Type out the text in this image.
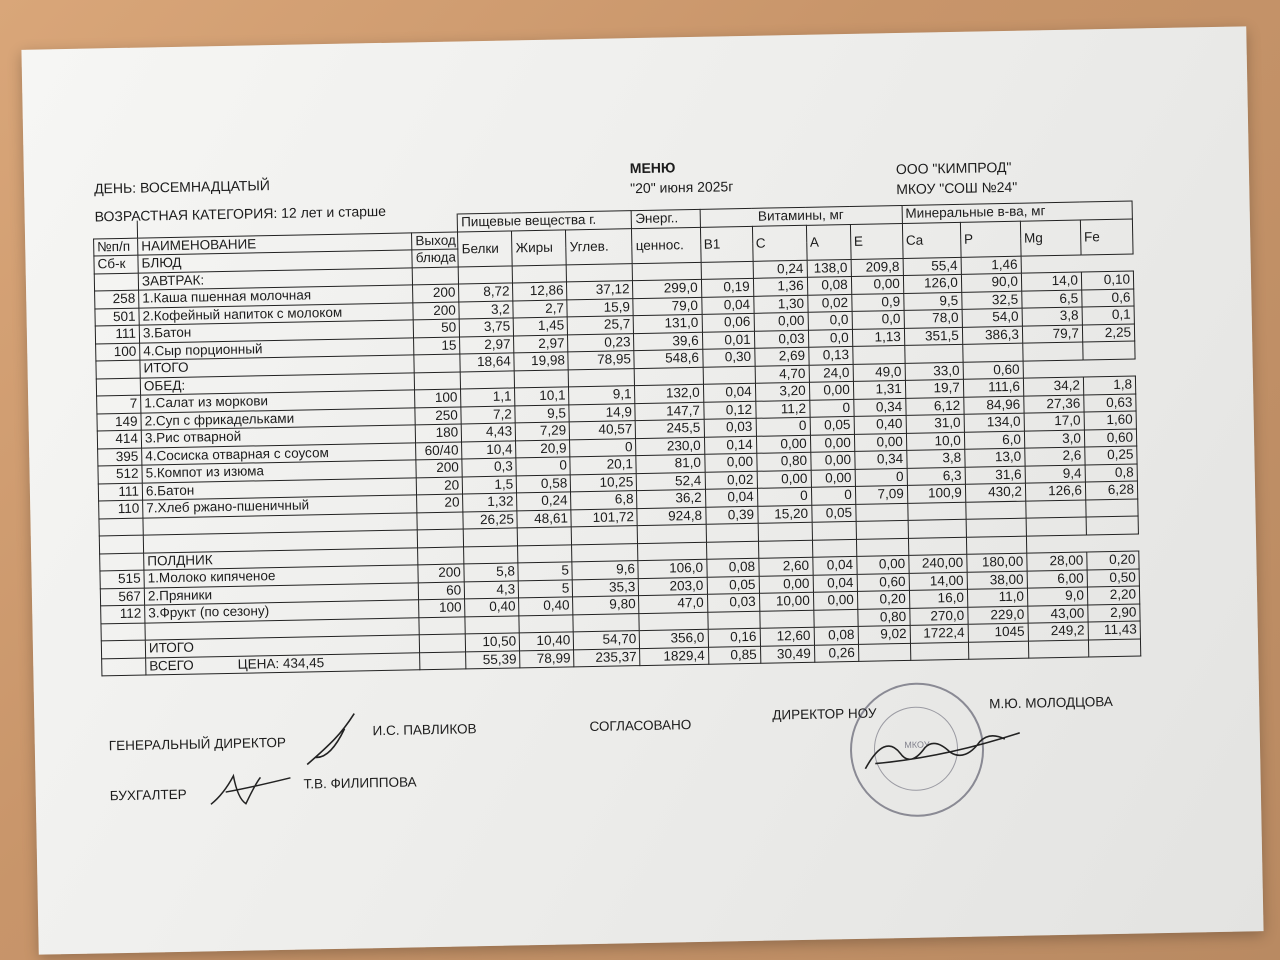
ДЕНЬ: ВОСЕМНАДЦАТЫЙ
МЕНЮ
"20" июня 2025г
ООО "КИМПРОД"
МКОУ "СОШ №24"
ВОЗРАСТНАЯ КАТЕГОРИЯ: 12 лет и старше
				Пищевые вещества г.			Энерг..	Витамины, мг				Минеральные в-ва, мг			
№п/п	НАИМЕНОВАНИЕ	Выход	Белки	Жиры	Углев.	ценнос.	B1	C	A	E	Ca	P	Mg	Fe
Сб-к	БЛЮД	блюда												
	ЗАВТРАК:							0,24	138,0	209,8	55,4	1,46		
258	1.Каша пшенная молочная	200	8,72	12,86	37,12	299,0	0,19	1,36	0,08	0,00	126,0	90,0	14,0	0,10
501	2.Кофейный напиток с молоком	200	3,2	2,7	15,9	79,0	0,04	1,30	0,02	0,9	9,5	32,5	6,5	0,6
111	3.Батон	50	3,75	1,45	25,7	131,0	0,06	0,00	0,0	0,0	78,0	54,0	3,8	0,1
100	4.Сыр порционный	15	2,97	2,97	0,23	39,6	0,01	0,03	0,0	1,13	351,5	386,3	79,7	2,25
	ИТОГО		18,64	19,98	78,95	548,6	0,30	2,69	0,13					
	ОБЕД:							4,70	24,0	49,0	33,0	0,60		
7	1.Салат из моркови	100	1,1	10,1	9,1	132,0	0,04	3,20	0,00	1,31	19,7	111,6	34,2	1,8
149	2.Суп с фрикадельками	250	7,2	9,5	14,9	147,7	0,12	11,2	0	0,34	6,12	84,96	27,36	0,63
414	3.Рис отварной	180	4,43	7,29	40,57	245,5	0,03	0	0,05	0,40	31,0	134,0	17,0	1,60
395	4.Сосиска отварная с соусом	60/40	10,4	20,9	0	230,0	0,14	0,00	0,00	0,00	10,0	6,0	3,0	0,60
512	5.Компот из изюма	200	0,3	0	20,1	81,0	0,00	0,80	0,00	0,34	3,8	13,0	2,6	0,25
111	6.Батон	20	1,5	0,58	10,25	52,4	0,02	0,00	0,00	0	6,3	31,6	9,4	0,8
110	7.Хлеб ржано-пшеничный	20	1,32	0,24	6,8	36,2	0,04	0	0	7,09	100,9	430,2	126,6	6,28
			26,25	48,61	101,72	924,8	0,39	15,20	0,05					

	ПОЛДНИК													
515	1.Молоко кипяченое	200	5,8	5	9,6	106,0	0,08	2,60	0,04	0,00	240,00	180,00	28,00	0,20
567	2.Пряники	60	4,3	5	35,3	203,0	0,05	0,00	0,04	0,60	14,00	38,00	6,00	0,50
112	3.Фрукт (по сезону)	100	0,40	0,40	9,80	47,0	0,03	10,00	0,00	0,20	16,0	11,0	9,0	2,20
										0,80	270,0	229,0	43,00	2,90
	ИТОГО		10,50	10,40	54,70	356,0	0,16	12,60	0,08	9,02	1722,4	1045	249,2	11,43
	ВСЕГО ЦЕНА: 434,45		55,39	78,99	235,37	1829,4	0,85	30,49	0,26					
ГЕНЕРАЛЬНЫЙ ДИРЕКТОР
И.С. ПАВЛИКОВ	СОГЛАСОВАНО
ДИРЕКТОР НОУ
М.Ю. МОЛОДЦОВА
БУХГАЛТЕР
Т.В. ФИЛИППОВА
МКОУ
